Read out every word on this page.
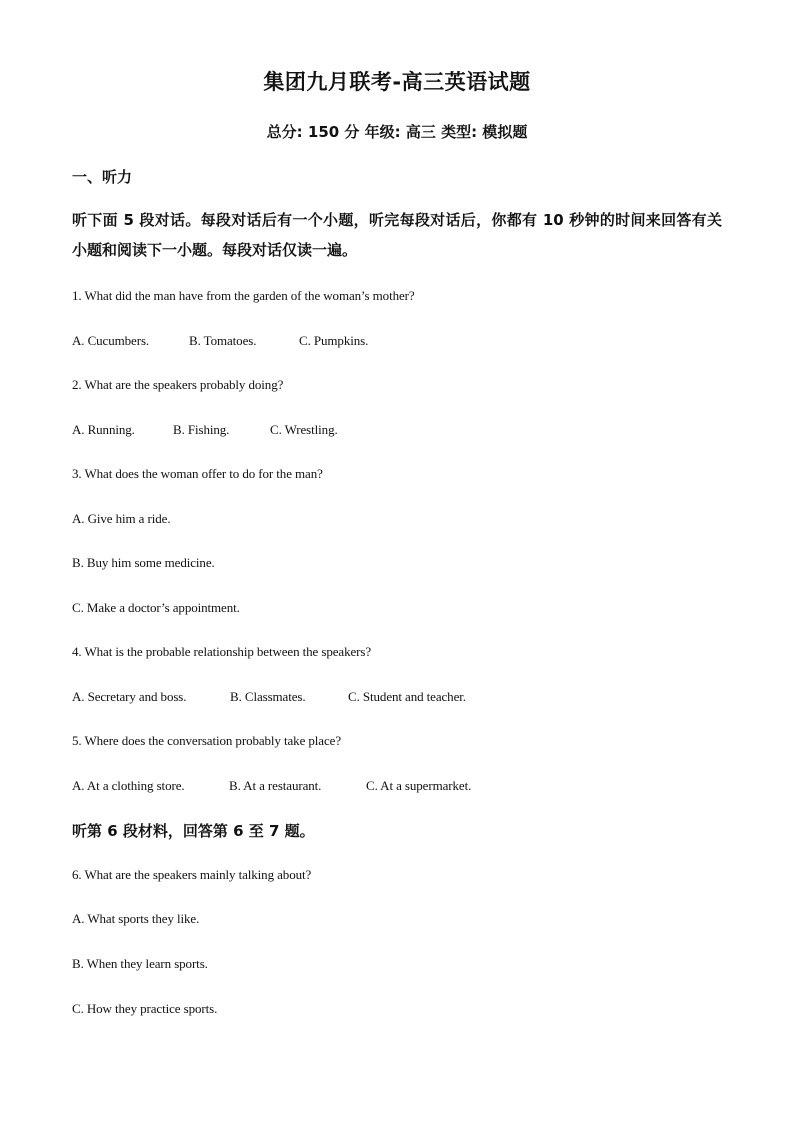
集团九月联考-高三英语试题
总分: 150 分 年级: 高三 类型: 模拟题
一、听力
听下面 5 段对话。每段对话后有一个小题，听完每段对话后，你都有 10 秒钟的时间来回答有关小题和阅读下一小题。每段对话仅读一遍。
1. What did the man have from the garden of the woman’s mother?
A. Cucumbers.	B. Tomatoes.	C. Pumpkins.
2. What are the speakers probably doing?
A. Running.	B. Fishing.	C. Wrestling.
3. What does the woman offer to do for the man?
A. Give him a ride.
B. Buy him some medicine.
C. Make a doctor’s appointment.
4. What is the probable relationship between the speakers?
A. Secretary and boss.	B. Classmates.	C. Student and teacher.
5. Where does the conversation probably take place?
A. At a clothing store.	B. At a restaurant.	C. At a supermarket.
听第 6 段材料，回答第 6 至 7 题。
6. What are the speakers mainly talking about?
A. What sports they like.
B. When they learn sports.
C. How they practice sports.
